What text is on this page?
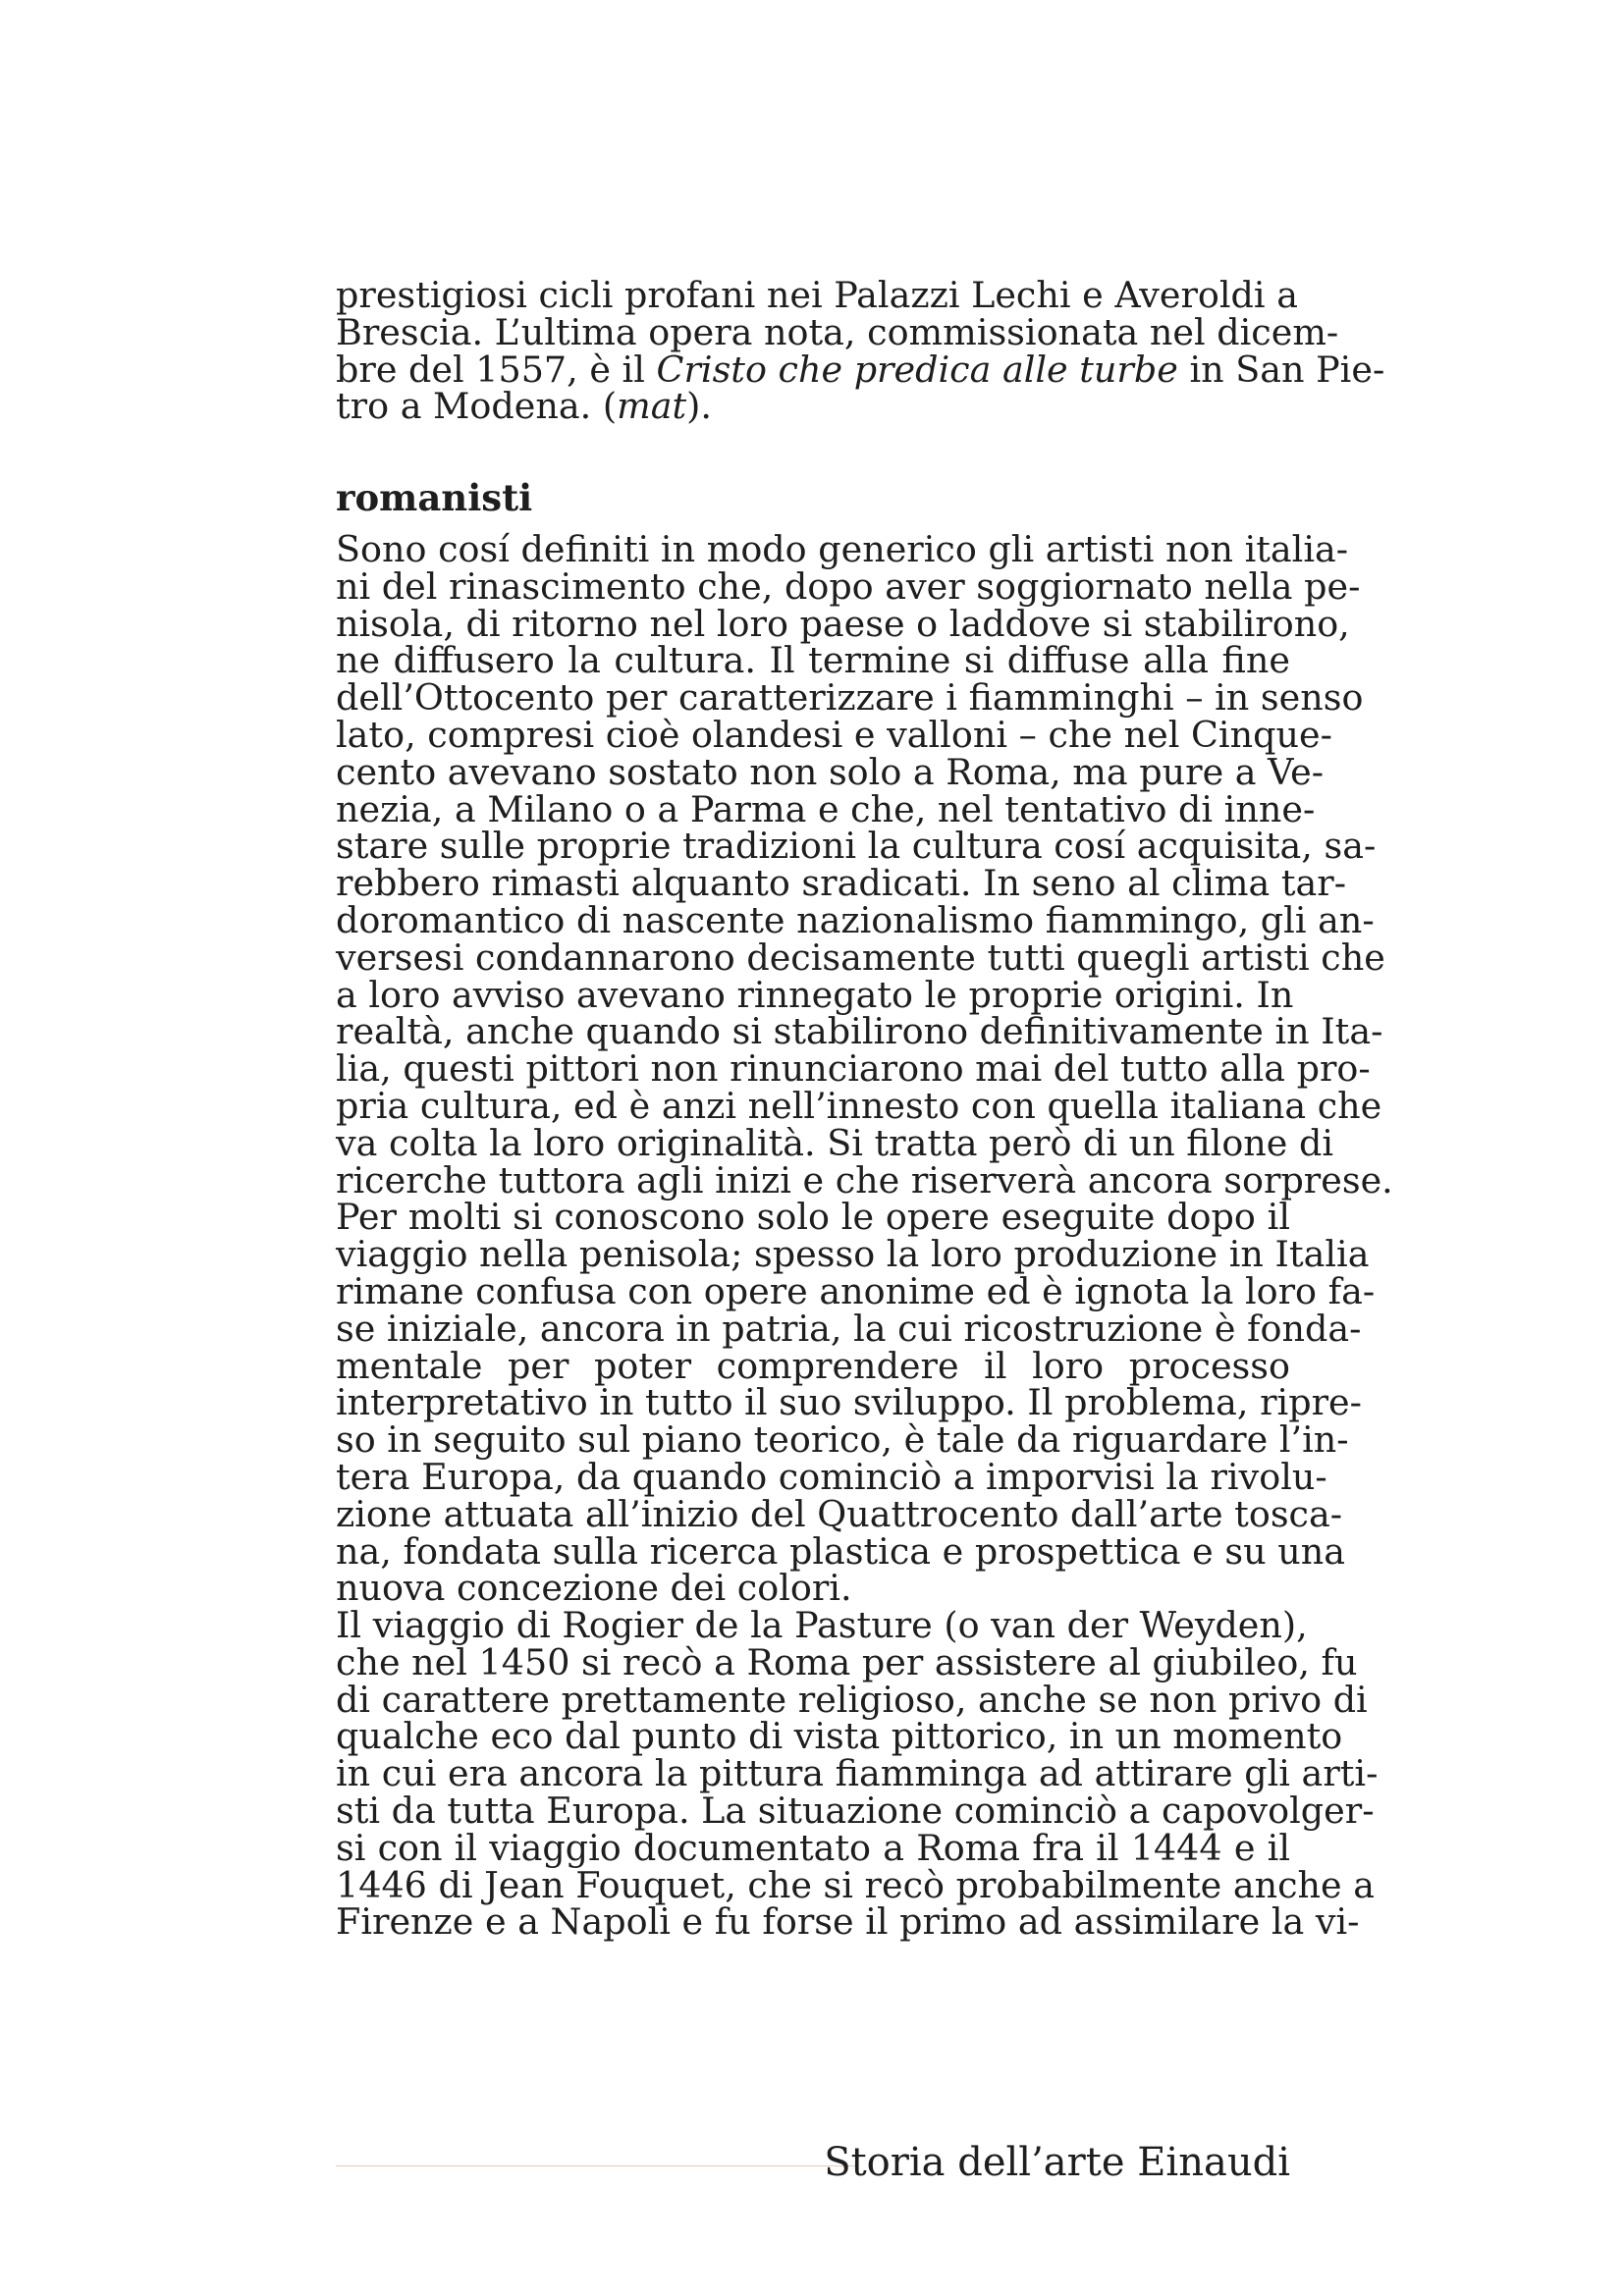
prestigiosi cicli profani nei Palazzi Lechi e Averoldi a
Brescia. L’ultima opera nota, commissionata nel dicem-
bre del 1557, è il Cristo che predica alle turbe in San Pie-
tro a Modena. (mat).
romanisti
Sono cosí definiti in modo generico gli artisti non italia-
ni del rinascimento che, dopo aver soggiornato nella pe-
nisola, di ritorno nel loro paese o laddove si stabilirono,
ne diffusero la cultura. Il termine si diffuse alla fine
dell’Ottocento per caratterizzare i fiamminghi – in senso
lato, compresi cioè olandesi e valloni – che nel Cinque-
cento avevano sostato non solo a Roma, ma pure a Ve-
nezia, a Milano o a Parma e che, nel tentativo di inne-
stare sulle proprie tradizioni la cultura cosí acquisita, sa-
rebbero rimasti alquanto sradicati. In seno al clima tar-
doromantico di nascente nazionalismo fiammingo, gli an-
versesi condannarono decisamente tutti quegli artisti che
a loro avviso avevano rinnegato le proprie origini. In
realtà, anche quando si stabilirono definitivamente in Ita-
lia, questi pittori non rinunciarono mai del tutto alla pro-
pria cultura, ed è anzi nell’innesto con quella italiana che
va colta la loro originalità. Si tratta però di un filone di
ricerche tuttora agli inizi e che riserverà ancora sorprese.
Per molti si conoscono solo le opere eseguite dopo il
viaggio nella penisola; spesso la loro produzione in Italia
rimane confusa con opere anonime ed è ignota la loro fa-
se iniziale, ancora in patria, la cui ricostruzione è fonda-
mentale per poter comprendere il loro processo
interpretativo in tutto il suo sviluppo. Il problema, ripre-
so in seguito sul piano teorico, è tale da riguardare l’in-
tera Europa, da quando cominciò a imporvisi la rivolu-
zione attuata all’inizio del Quattrocento dall’arte tosca-
na, fondata sulla ricerca plastica e prospettica e su una
nuova concezione dei colori.
Il viaggio di Rogier de la Pasture (o van der Weyden),
che nel 1450 si recò a Roma per assistere al giubileo, fu
di carattere prettamente religioso, anche se non privo di
qualche eco dal punto di vista pittorico, in un momento
in cui era ancora la pittura fiamminga ad attirare gli arti-
sti da tutta Europa. La situazione cominciò a capovolger-
si con il viaggio documentato a Roma fra il 1444 e il
1446 di Jean Fouquet, che si recò probabilmente anche a
Firenze e a Napoli e fu forse il primo ad assimilare la vi-
Storia dell’arte Einaudi
